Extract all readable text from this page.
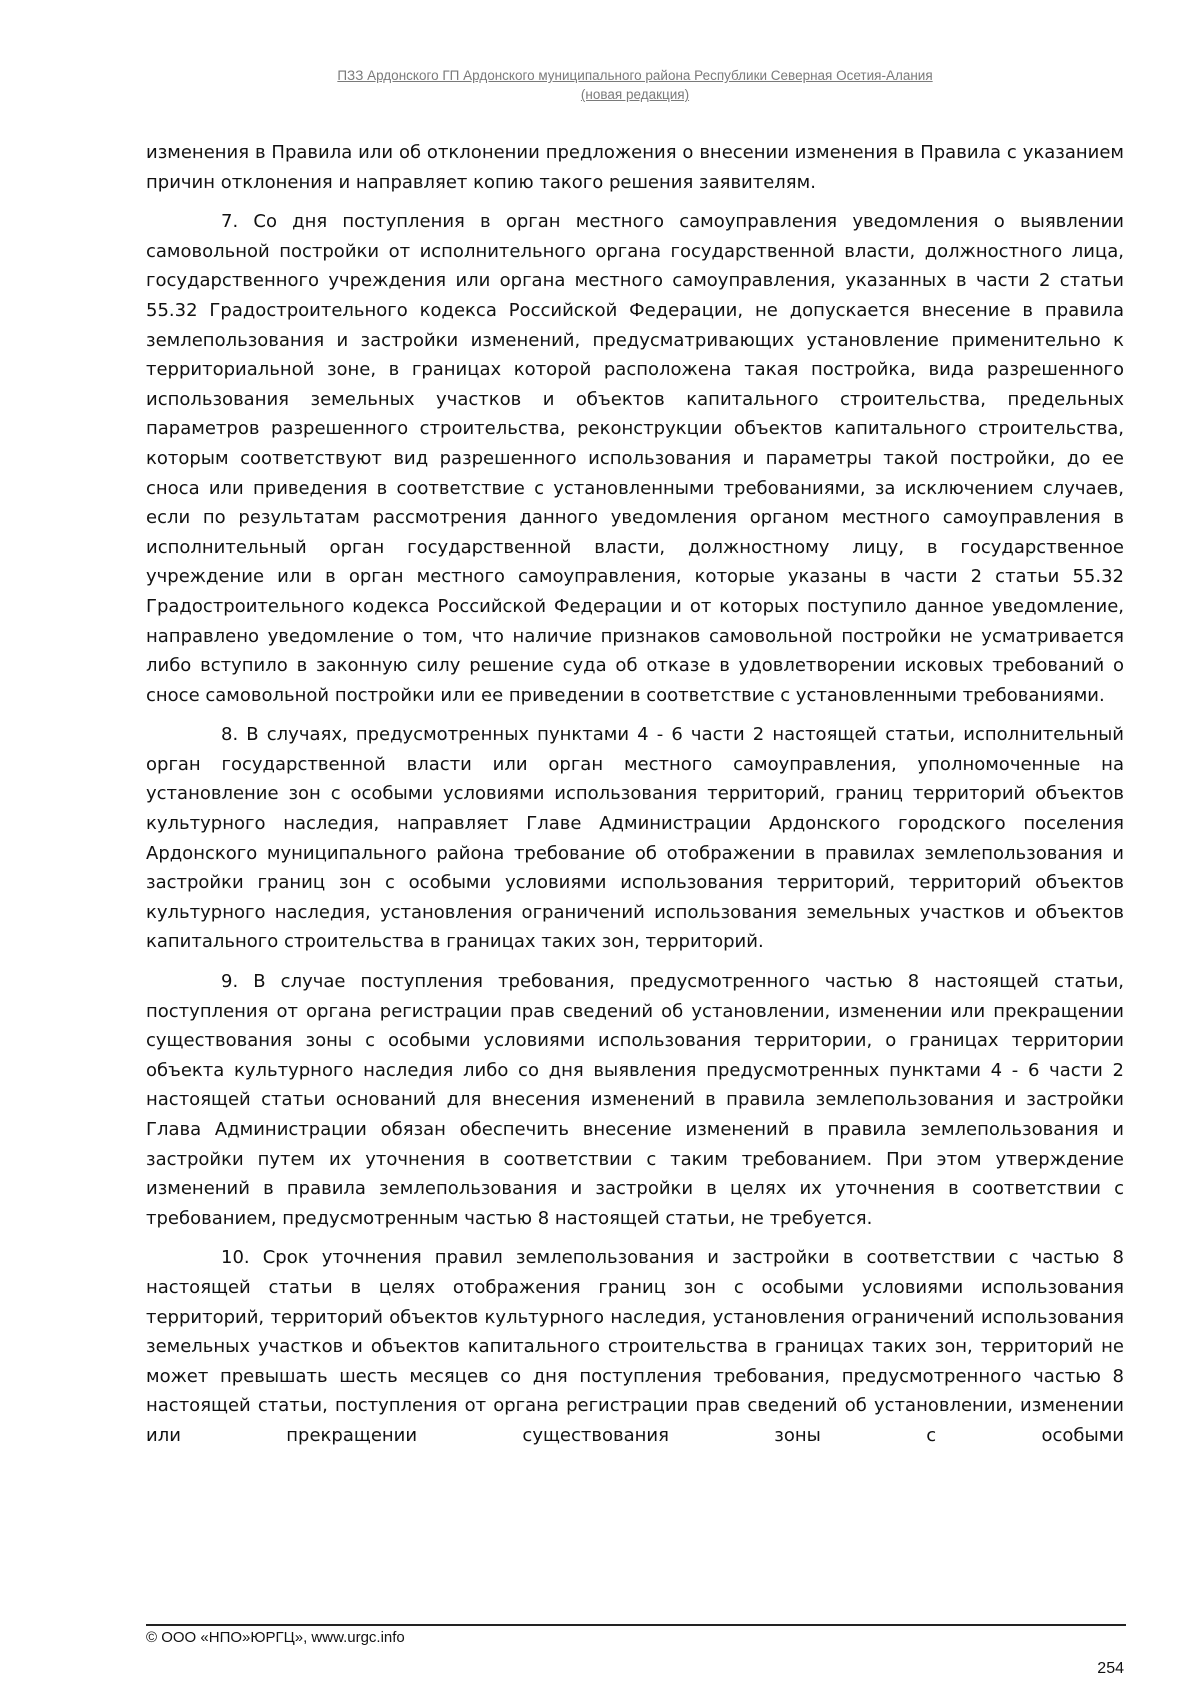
ПЗЗ Ардонского ГП Ардонского муниципального района Республики Северная Осетия-Алания
(новая редакция)

изменения в Правила или об отклонении предложения о внесении изменения в Правила с указанием причин отклонения и направляет копию такого решения заявителям.

7. Со дня поступления в орган местного самоуправления уведомления о выявлении самовольной постройки от исполнительного органа государственной власти, должностного лица, государственного учреждения или органа местного самоуправления, указанных в части 2 статьи 55.32 Градостроительного кодекса Российской Федерации, не допускается внесение в правила землепользования и застройки изменений, предусматривающих установление применительно к территориальной зоне, в границах которой расположена такая постройка, вида разрешенного использования земельных участков и объектов капитального строительства, предельных параметров разрешенного строительства, реконструкции объектов капитального строительства, которым соответствуют вид разрешенного использования и параметры такой постройки, до ее сноса или приведения в соответствие с установленными требованиями, за исключением случаев, если по результатам рассмотрения данного уведомления органом местного самоуправления в исполнительный орган государственной власти, должностному лицу, в государственное учреждение или в орган местного самоуправления, которые указаны в части 2 статьи 55.32 Градостроительного кодекса Российской Федерации и от которых поступило данное уведомление, направлено уведомление о том, что наличие признаков самовольной постройки не усматривается либо вступило в законную силу решение суда об отказе в удовлетворении исковых требований о сносе самовольной постройки или ее приведении в соответствие с установленными требованиями.

8. В случаях, предусмотренных пунктами 4 - 6 части 2 настоящей статьи, исполнительный орган государственной власти или орган местного самоуправления, уполномоченные на установление зон с особыми условиями использования территорий, границ территорий объектов культурного наследия, направляет Главе Администрации Ардонского городского поселения Ардонского муниципального района требование об отображении в правилах землепользования и застройки границ зон с особыми условиями использования территорий, территорий объектов культурного наследия, установления ограничений использования земельных участков и объектов капитального строительства в границах таких зон, территорий.

9. В случае поступления требования, предусмотренного частью 8 настоящей статьи, поступления от органа регистрации прав сведений об установлении, изменении или прекращении существования зоны с особыми условиями использования территории, о границах территории объекта культурного наследия либо со дня выявления предусмотренных пунктами 4 - 6 части 2 настоящей статьи оснований для внесения изменений в правила землепользования и застройки Глава Администрации обязан обеспечить внесение изменений в правила землепользования и застройки путем их уточнения в соответствии с таким требованием. При этом утверждение изменений в правила землепользования и застройки в целях их уточнения в соответствии с требованием, предусмотренным частью 8 настоящей статьи, не требуется.

10. Срок уточнения правил землепользования и застройки в соответствии с частью 8 настоящей статьи в целях отображения границ зон с особыми условиями использования территорий, территорий объектов культурного наследия, установления ограничений использования земельных участков и объектов капитального строительства в границах таких зон, территорий не может превышать шесть месяцев со дня поступления требования, предусмотренного частью 8 настоящей статьи, поступления от органа регистрации прав сведений об установлении, изменении или прекращении существования зоны с особыми

© ООО «НПО»ЮРГЦ», www.urgc.info
254
